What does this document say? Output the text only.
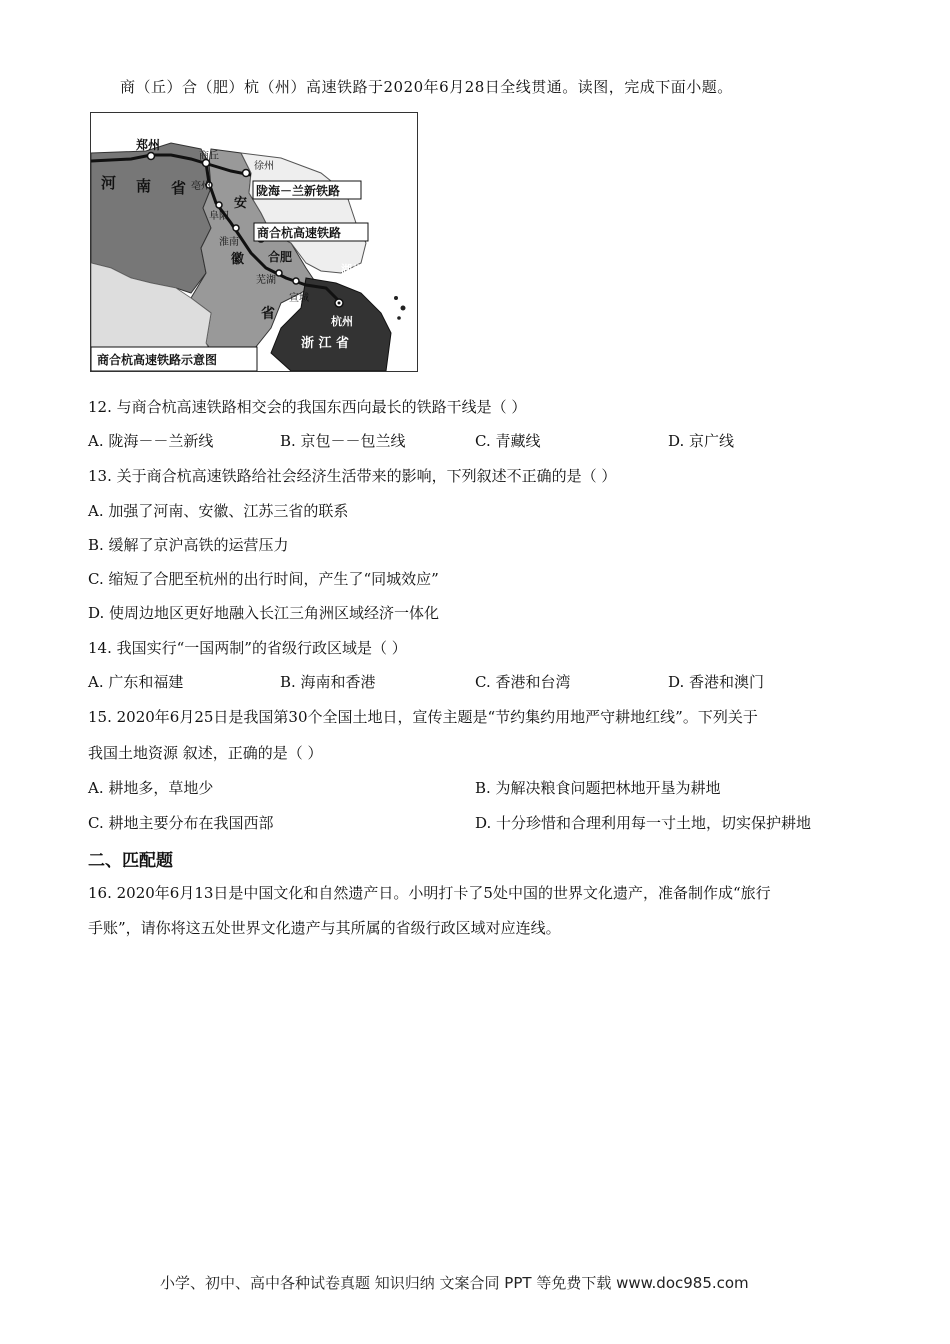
商（丘）合（肥）杭（州）高速铁路于2020年6月28日全线贯通。读图，完成下面小题。
郑州
商丘
徐州
河 南 省 亳州
安
阜阳
淮南
徽 合肥
芜湖
宣城
省
湖州
杭州
浙 江 省
陇海－兰新铁路
商合杭高速铁路
商合杭高速铁路示意图
12. 与商合杭高速铁路相交会的我国东西向最长的铁路干线是（ ）
A. 陇海－－兰新线	B. 京包－－包兰线	C. 青藏线	D. 京广线
13. 关于商合杭高速铁路给社会经济生活带来的影响，下列叙述不正确的是（ ）
A. 加强了河南、安徽、江苏三省的联系
B. 缓解了京沪高铁的运营压力
C. 缩短了合肥至杭州的出行时间，产生了“同城效应”
D. 使周边地区更好地融入长江三角洲区域经济一体化
14. 我国实行“一国两制”的省级行政区域是（ ）
A. 广东和福建	B. 海南和香港	C. 香港和台湾	D. 香港和澳门
15. 2020年6月25日是我国第30个全国土地日，宣传主题是“节约集约用地严守耕地红线”。下列关于
我国土地资源 叙述，正确的是（ ）
A. 耕地多，草地少	B. 为解决粮食问题把林地开垦为耕地
C. 耕地主要分布在我国西部	D. 十分珍惜和合理利用每一寸土地，切实保护耕地
二、匹配题
16. 2020年6月13日是中国文化和自然遗产日。小明打卡了5处中国的世界文化遗产，准备制作成“旅行
手账”，请你将这五处世界文化遗产与其所属的省级行政区域对应连线。
小学、初中、高中各种试卷真题 知识归纳 文案合同 PPT 等免费下载 www.doc985.com
